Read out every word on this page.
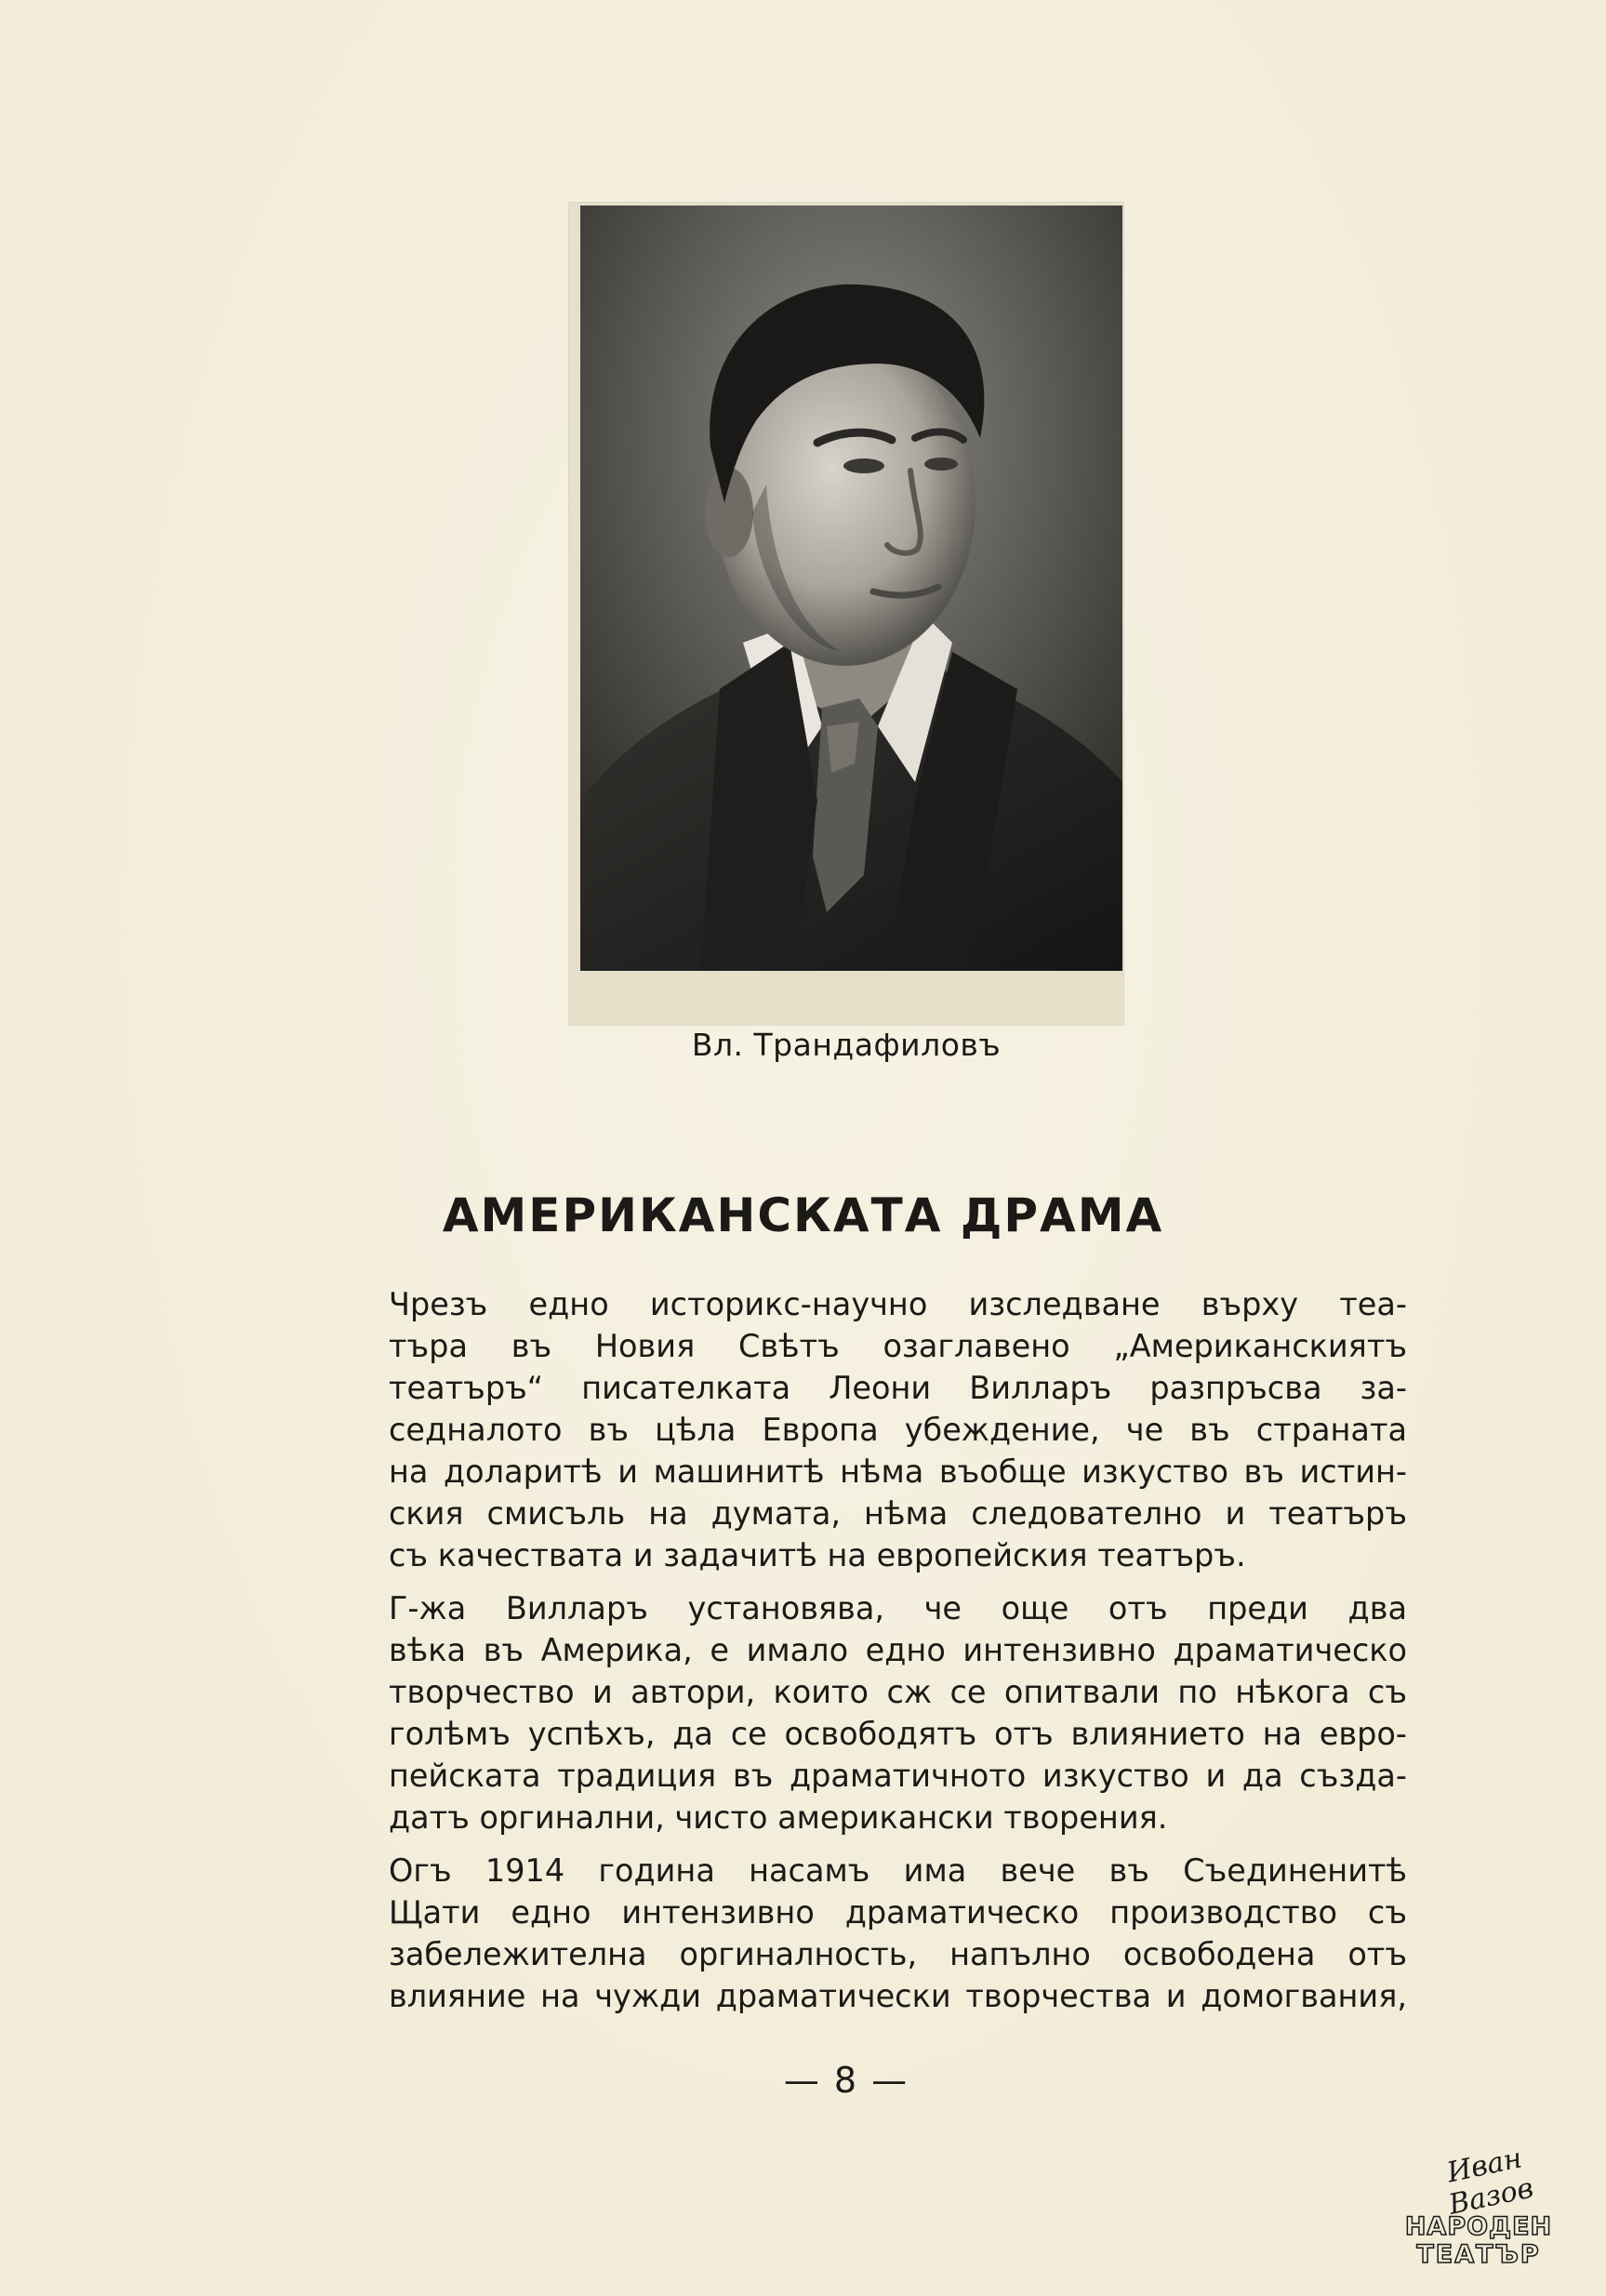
Вл. Трандафиловъ
АМЕРИКАНСКАТА ДРАМА

Чрезъ едно историкс-научно изследване върху теа-
търа въ Новия Свѣтъ озаглавено „Американскиятъ
театъръ“ писателката Леони Вилларъ разпръсва за-
седналото въ цѣла Европа убеждение, че въ страната
на доларитѣ и машинитѣ нѣма въобще изкуство въ истин-
ския смисъль на думата, нѣма следователно и театъръ
съ качествата и задачитѣ на европейския театъръ.

Г-жа Вилларъ установява, че още отъ преди два
вѣка въ Америка, е имало едно интензивно драматическо
творчество и автори, които сж се опитвали по нѣкога съ
голѣмъ успѣхъ, да се освободятъ отъ влиянието на евро-
пейската традиция въ драматичното изкуство и да създа-
датъ оргинални, чисто американски творения.

Огъ 1914 година насамъ има вече въ Съединенитѣ
Щати едно интензивно драматическо производство съ
забележителна оргиналность, напълно освободена отъ
влияние на чужди драматически творчества и домогвания,

— 8 —
Иван Вазов
НАРОДЕН
ТЕАТЪР
